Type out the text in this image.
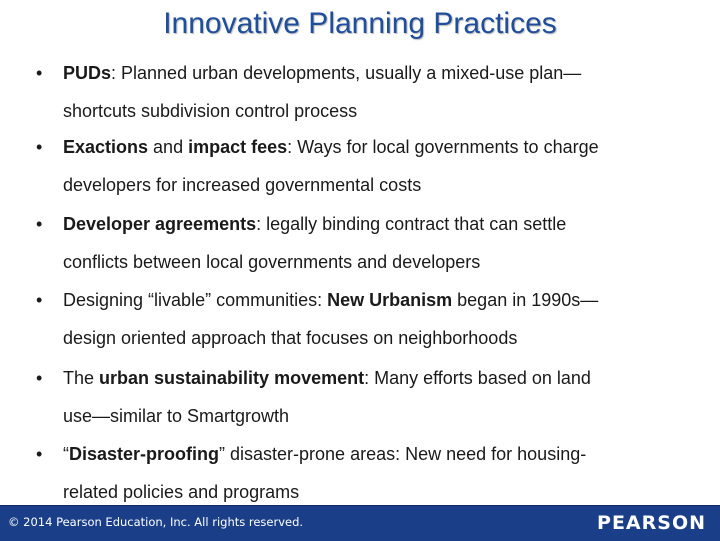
Innovative Planning Practices
• PUDs: Planned urban developments, usually a mixed-use plan—
shortcuts subdivision control process
• Exactions and impact fees: Ways for local governments to charge
developers for increased governmental costs
• Developer agreements: legally binding contract that can settle
conflicts between local governments and developers
• Designing “livable” communities: New Urbanism began in 1990s—
design oriented approach that focuses on neighborhoods
• The urban sustainability movement: Many efforts based on land
use—similar to Smartgrowth
• “Disaster-proofing” disaster-prone areas: New need for housing-
related policies and programs
© 2014 Pearson Education, Inc. All rights reserved.	PEARSON
